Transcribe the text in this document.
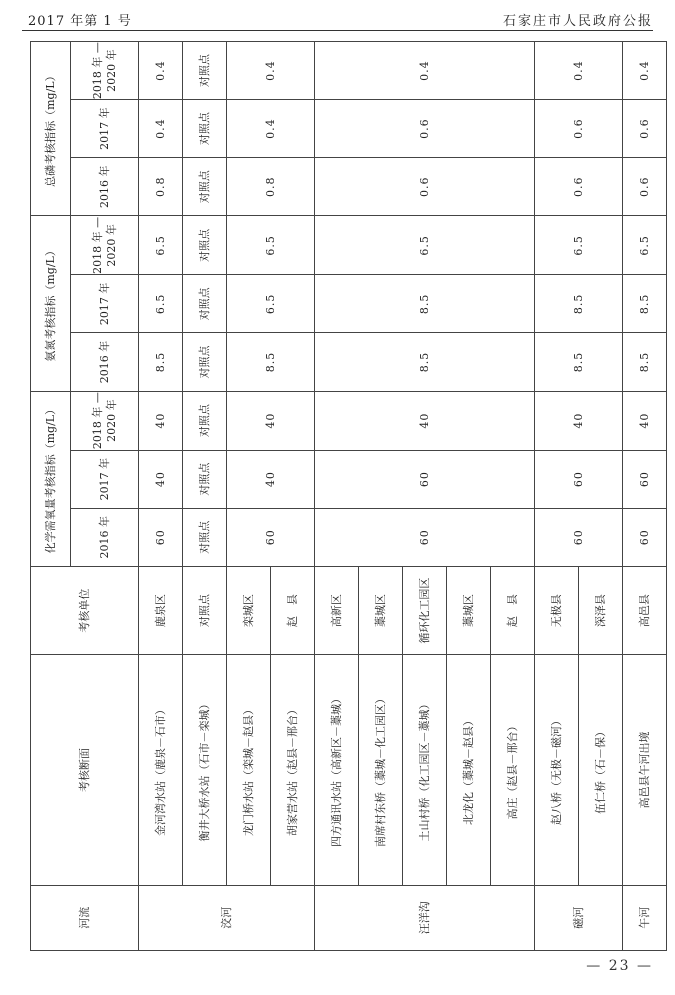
2017 年第 1 号	石家庄市人民政府公报
河流	考核断面	考核单位	化学需氧量考核指标（mg/L）			氨氮考核指标（mg/L）			总磷考核指标（mg/L）		
			2016 年	2017 年	2018 年 — 2020 年	2016 年	2017 年	2018 年 — 2020 年	2016 年	2017 年	2018 年 — 2020 年
洨河	金河湾水站（鹿泉－石市）	鹿泉区	60	40	40	8.5	6.5	6.5	0.8	0.4	0.4
	衡井大桥水站（石市－栾城）	对照点	对照点	对照点	对照点	对照点	对照点	对照点	对照点	对照点	对照点
	龙门桥水站（栾城－赵县）	栾城区	60	40	40	8.5	6.5	6.5	0.8	0.4	0.4
	胡家营水站（赵县－邢台）	赵　县									
汪洋沟	四方通讯水站（高新区－藁城）	高新区	60	60	40	8.5	8.5	6.5	0.6	0.6	0.4
	南席村东桥（藁城－化工园区）	藁城区									
	土山村桥（化工园区－藁城）	循环化工园区									
	北龙化（藁城－赵县）	藁城区									
	高庄（赵县－邢台）	赵　县									
磁河	赵八桥（无极－磁河）	无极县	60	60	40	8.5	8.5	6.5	0.6	0.6	0.4
	伍仁桥（石－保）	深泽县									
午河	高邑县午河出境	高邑县	60	60	40	8.5	8.5	6.5	0.6	0.6	0.4
— 23 —
